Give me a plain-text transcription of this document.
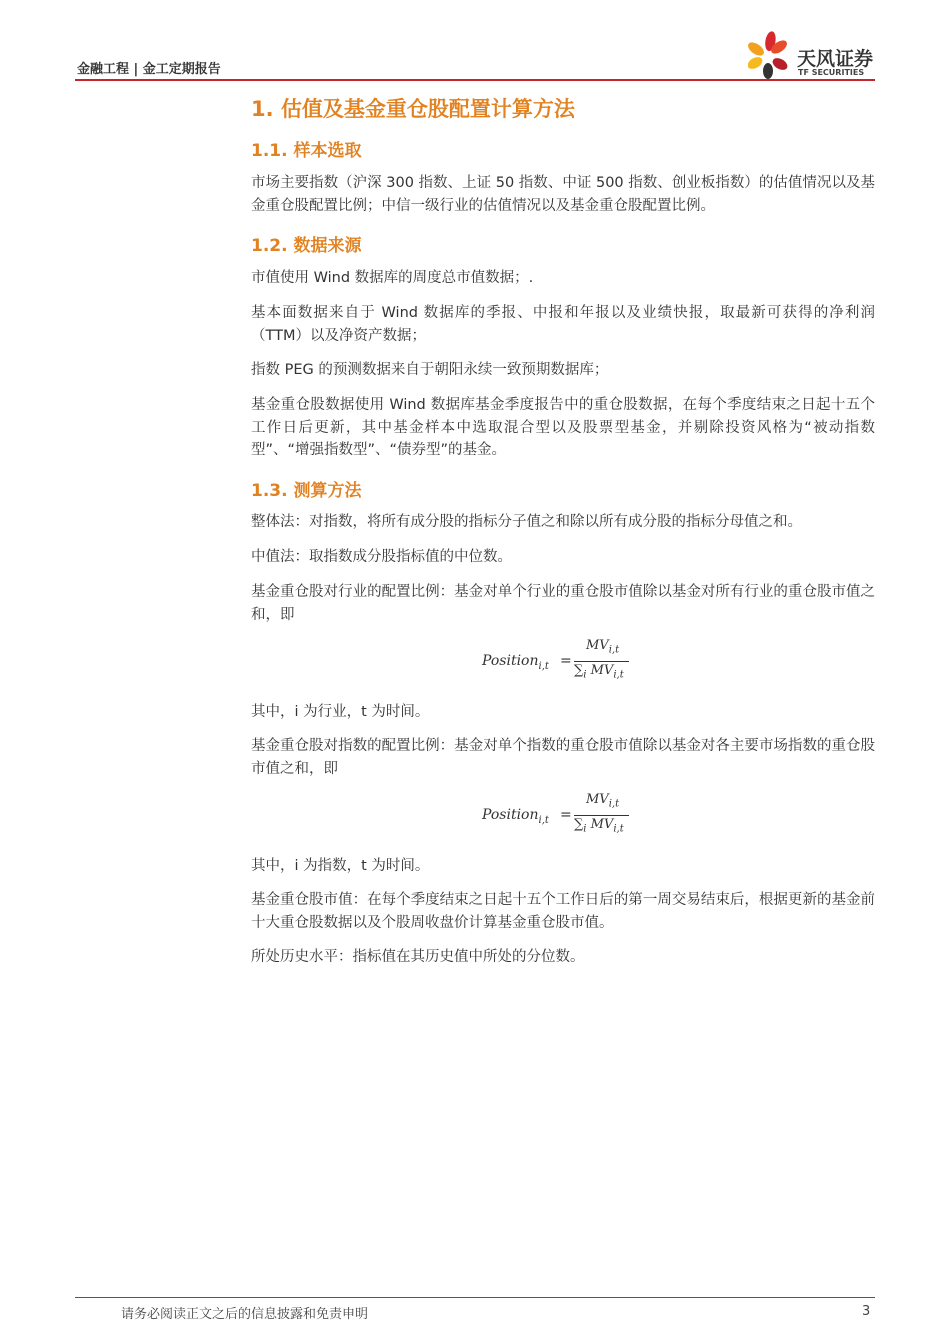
金融工程 | 金工定期报告	天风证券
TF SECURITIES
1. 估值及基金重仓股配置计算方法
1.1. 样本选取

市场主要指数（沪深 300 指数、上证 50 指数、中证 500 指数、创业板指数）的估值情况以及基金重仓股配置比例；中信一级行业的估值情况以及基金重仓股配置比例。

1.2. 数据来源

市值使用 Wind 数据库的周度总市值数据；.

基本面数据来自于 Wind 数据库的季报、中报和年报以及业绩快报，取最新可获得的净利润（TTM）以及净资产数据；

指数 PEG 的预测数据来自于朝阳永续一致预期数据库；

基金重仓股数据使用 Wind 数据库基金季度报告中的重仓股数据，在每个季度结束之日起十五个工作日后更新，其中基金样本中选取混合型以及股票型基金，并剔除投资风格为“被动指数型”、“增强指数型”、“债券型”的基金。

1.3. 测算方法

整体法：对指数，将所有成分股的指标分子值之和除以所有成分股的指标分母值之和。

中值法：取指数成分股指标值的中位数。

基金重仓股对行业的配置比例：基金对单个行业的重仓股市值除以基金对所有行业的重仓股市值之和，即

Position$_{i,t}$ =
$MV_{i,t}$
$\sum_i$ $MV_{i,t}$

其中，i 为行业，t 为时间。

基金重仓股对指数的配置比例：基金对单个指数的重仓股市值除以基金对各主要市场指数的重仓股市值之和，即

Position$_{i,t}$ =
$MV_{i,t}$
$\sum_i$ $MV_{i,t}$

其中，i 为指数，t 为时间。

基金重仓股市值：在每个季度结束之日起十五个工作日后的第一周交易结束后，根据更新的基金前十大重仓股数据以及个股周收盘价计算基金重仓股市值。

所处历史水平：指标值在其历史值中所处的分位数。

请务必阅读正文之后的信息披露和免责申明	3
